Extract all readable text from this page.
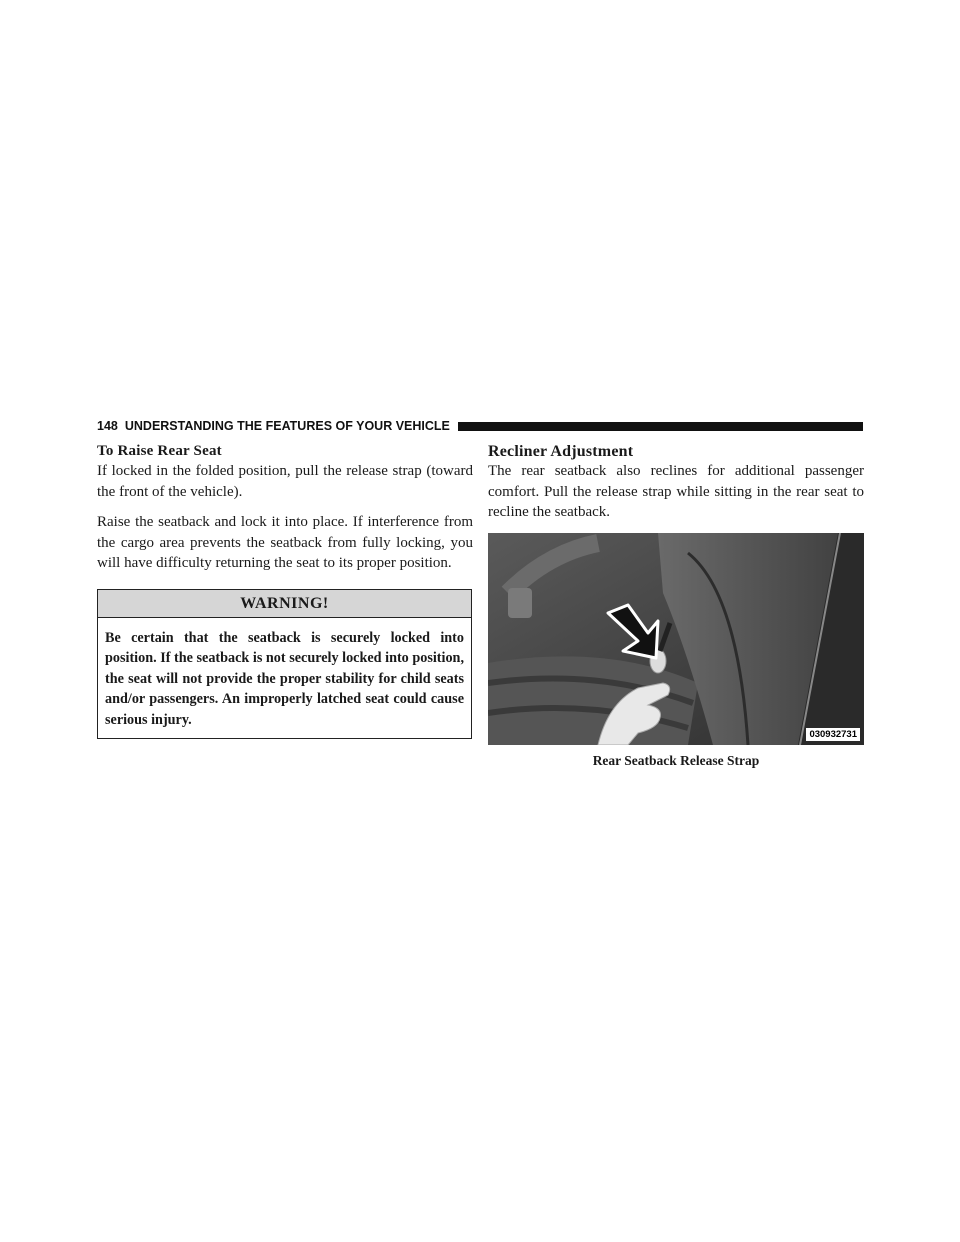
148 UNDERSTANDING THE FEATURES OF YOUR VEHICLE
To Raise Rear Seat

If locked in the folded position, pull the release strap (toward the front of the vehicle).

Raise the seatback and lock it into place. If interference from the cargo area prevents the seatback from fully locking, you will have difficulty returning the seat to its proper position.

WARNING!
Be certain that the seatback is securely locked into position. If the seatback is not securely locked into position, the seat will not provide the proper stability for child seats and/or passengers. An improperly latched seat could cause serious injury.
Recliner Adjustment

The rear seatback also reclines for additional passenger comfort. Pull the release strap while sitting in the rear seat to recline the seatback.

030932731
Rear Seatback Release Strap
